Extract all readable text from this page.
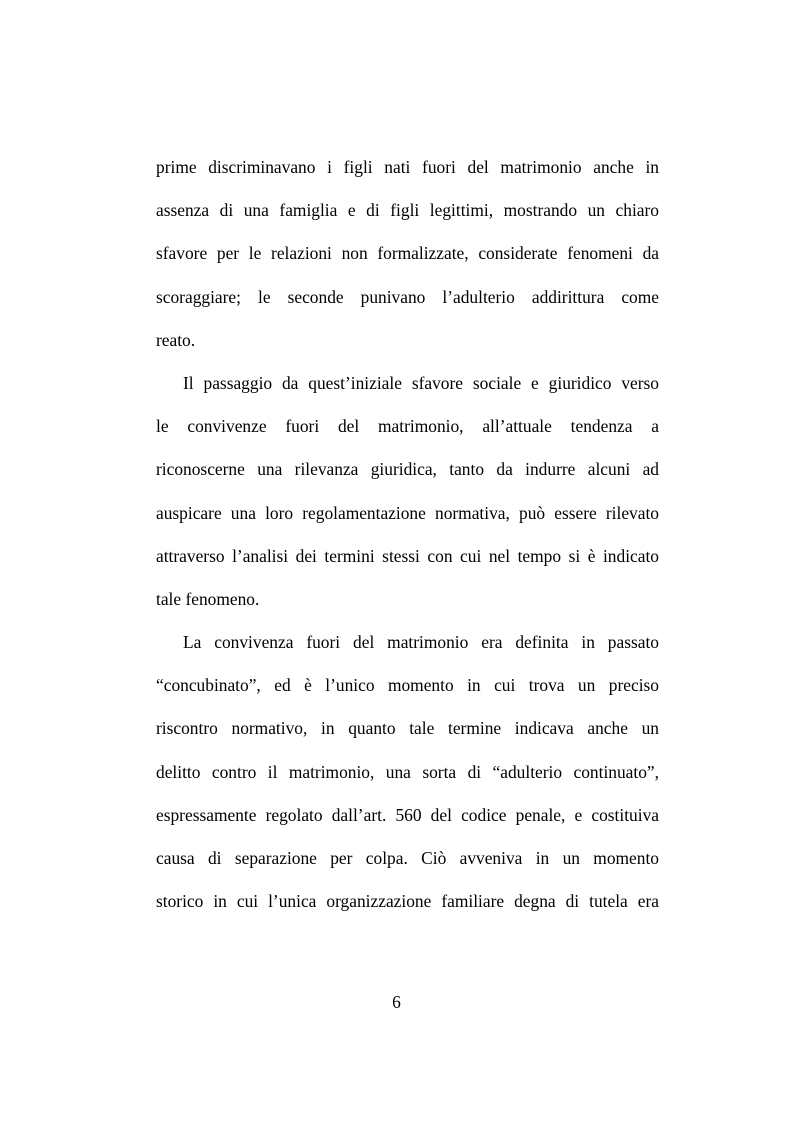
prime discriminavano i figli nati fuori del matrimonio anche in
assenza di una famiglia e di figli legittimi, mostrando un chiaro
sfavore per le relazioni non formalizzate, considerate fenomeni da
scoraggiare; le seconde punivano l’adulterio addirittura come
reato.
Il passaggio da quest’iniziale sfavore sociale e giuridico verso
le convivenze fuori del matrimonio, all’attuale tendenza a
riconoscerne una rilevanza giuridica, tanto da indurre alcuni ad
auspicare una loro regolamentazione normativa, può essere rilevato
attraverso l’analisi dei termini stessi con cui nel tempo si è indicato
tale fenomeno.
La convivenza fuori del matrimonio era definita in passato
“concubinato”, ed è l’unico momento in cui trova un preciso
riscontro normativo, in quanto tale termine indicava anche un
delitto contro il matrimonio, una sorta di “adulterio continuato”,
espressamente regolato dall’art. 560 del codice penale, e costituiva
causa di separazione per colpa. Ciò avveniva in un momento
storico in cui l’unica organizzazione familiare degna di tutela era
6
